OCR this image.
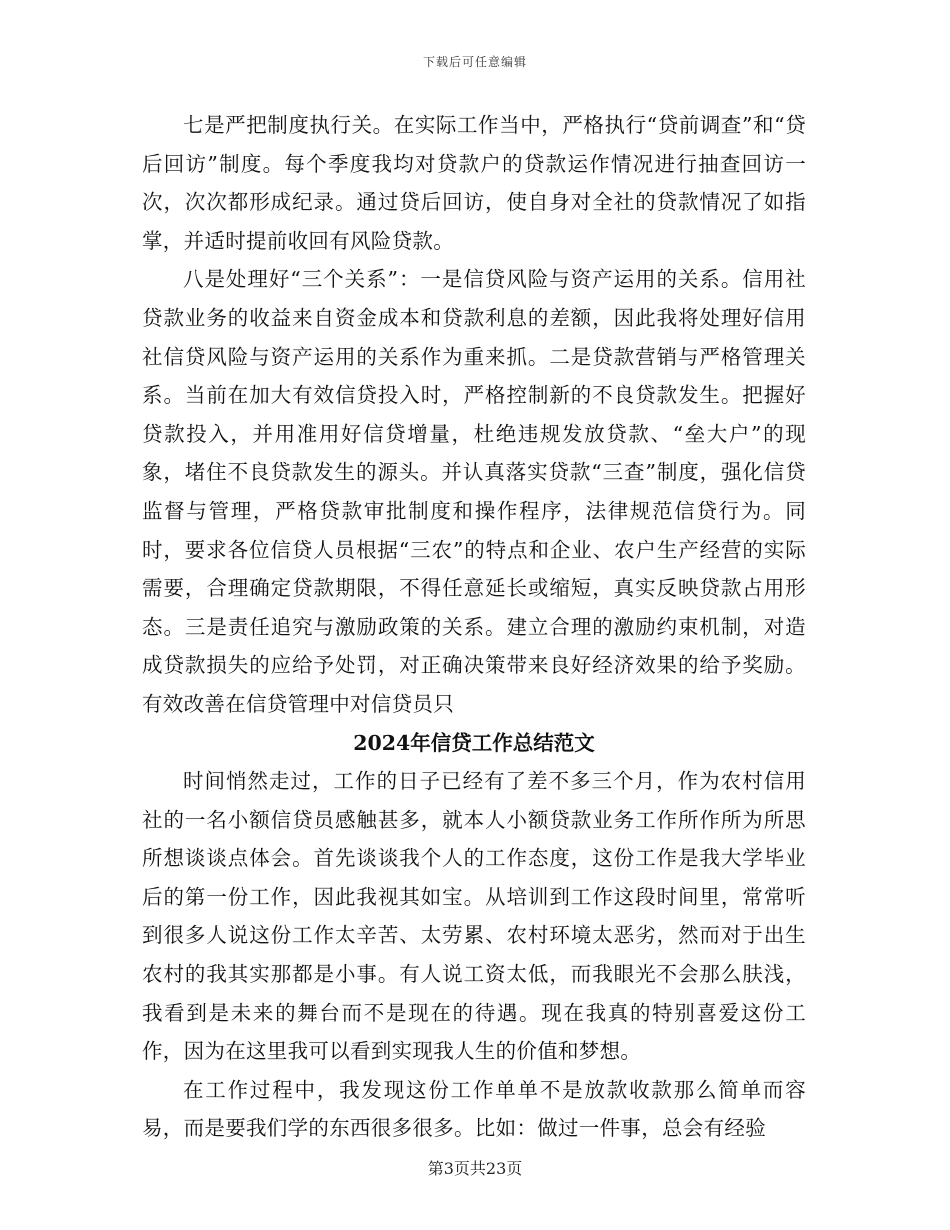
下载后可任意编辑

七是严把制度执行关。在实际工作当中，严格执行“贷前调查”和“贷后回访”制度。每个季度我均对贷款户的贷款运作情况进行抽查回访一次，次次都形成纪录。通过贷后回访，使自身对全社的贷款情况了如指掌，并适时提前收回有风险贷款。

八是处理好“三个关系”：一是信贷风险与资产运用的关系。信用社贷款业务的收益来自资金成本和贷款利息的差额，因此我将处理好信用社信贷风险与资产运用的关系作为重来抓。二是贷款营销与严格管理关系。当前在加大有效信贷投入时，严格控制新的不良贷款发生。把握好贷款投入，并用准用好信贷增量，杜绝违规发放贷款、“垒大户”的现象，堵住不良贷款发生的源头。并认真落实贷款“三查”制度，强化信贷监督与管理，严格贷款审批制度和操作程序，法律规范信贷行为。同时，要求各位信贷人员根据“三农”的特点和企业、农户生产经营的实际需要，合理确定贷款期限，不得任意延长或缩短，真实反映贷款占用形态。三是责任追究与激励政策的关系。建立合理的激励约束机制，对造成贷款损失的应给予处罚，对正确决策带来良好经济效果的给予奖励。有效改善在信贷管理中对信贷员只

2024年信贷工作总结范文

时间悄然走过，工作的日子已经有了差不多三个月，作为农村信用社的一名小额信贷员感触甚多，就本人小额贷款业务工作所作所为所思所想谈谈点体会。首先谈谈我个人的工作态度，这份工作是我大学毕业后的第一份工作，因此我视其如宝。从培训到工作这段时间里，常常听到很多人说这份工作太辛苦、太劳累、农村环境太恶劣，然而对于出生农村的我其实那都是小事。有人说工资太低，而我眼光不会那么肤浅，我看到是未来的舞台而不是现在的待遇。现在我真的特别喜爱这份工作，因为在这里我可以看到实现我人生的价值和梦想。

在工作过程中，我发现这份工作单单不是放款收款那么简单而容易，而是要我们学的东西很多很多。比如：做过一件事，总会有经验

第3页共23页
